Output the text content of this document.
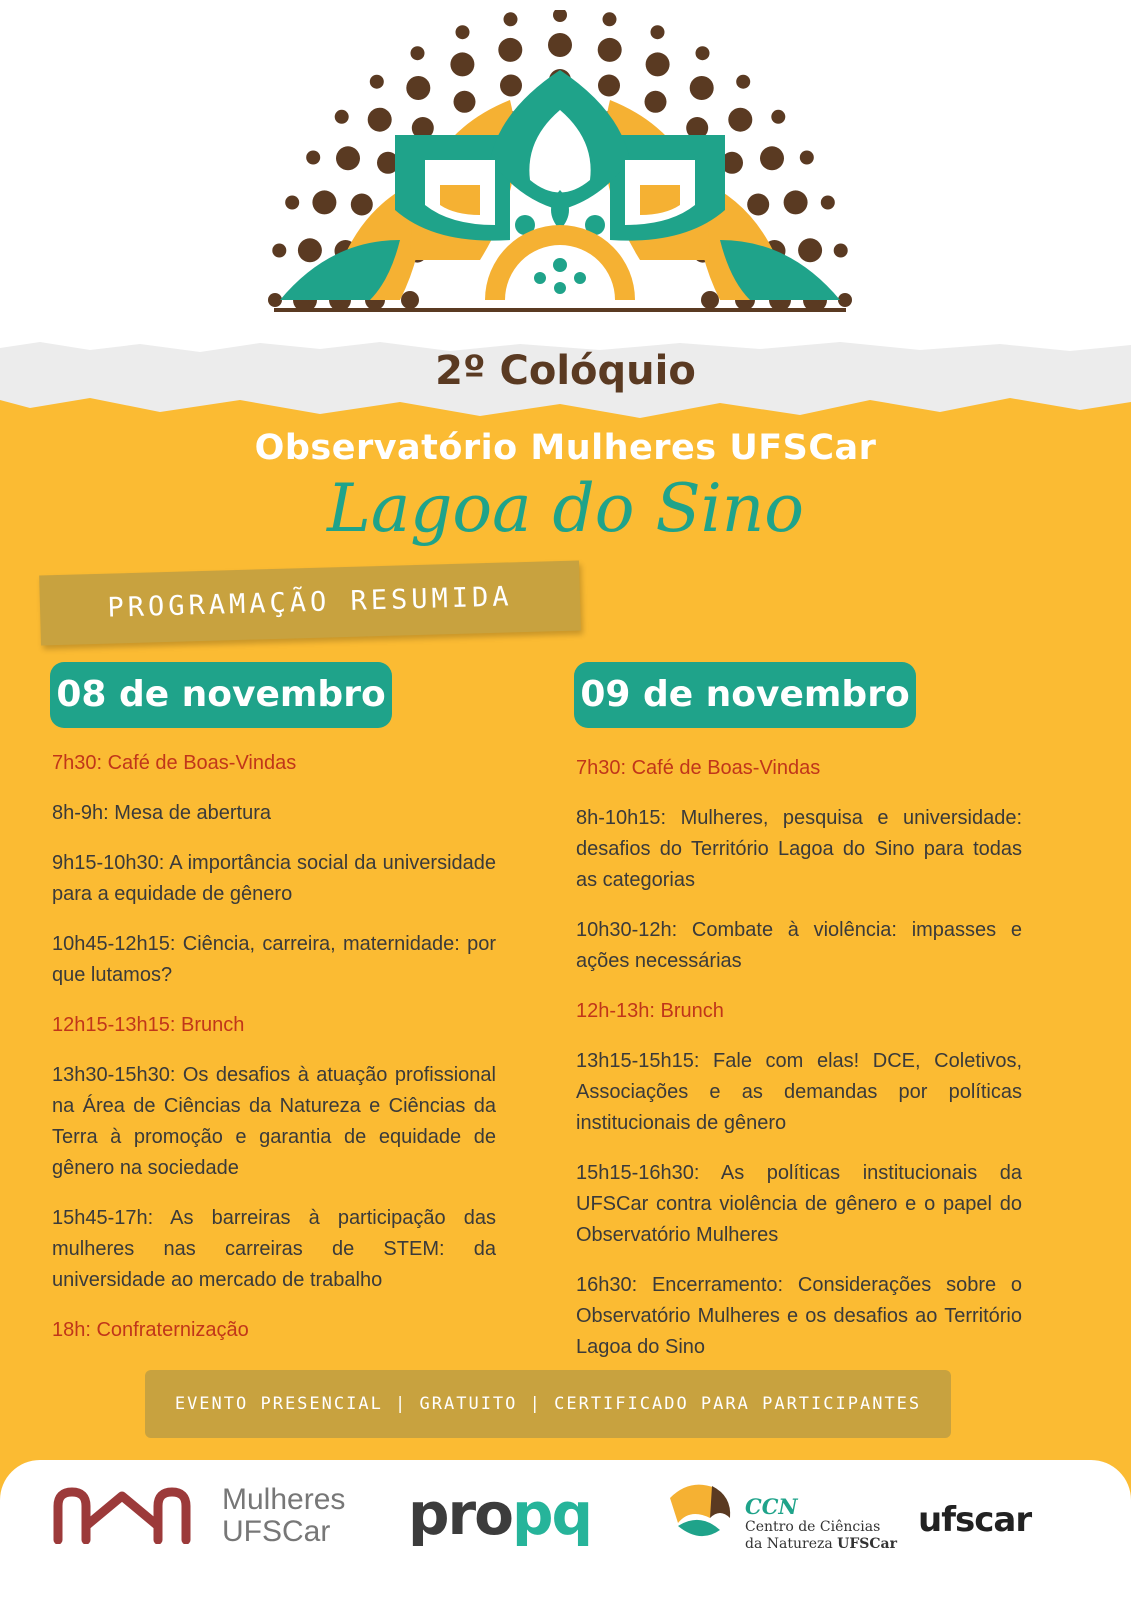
2º Colóquio
Observatório Mulheres UFSCar
Lagoa do Sino
PROGRAMAÇÃO RESUMIDA
08 de novembro	09 de novembro
7h30: Café de Boas-Vindas
8h-9h: Mesa de abertura
9h15-10h30: A importância social da universidade para a equidade de gênero
10h45-12h15: Ciência, carreira, maternidade: por que lutamos?
12h15-13h15: Brunch
13h30-15h30: Os desafios à atuação profissional na Área de Ciências da Natureza e Ciências da Terra à promoção e garantia de equidade de gênero na sociedade
15h45-17h: As barreiras à participação das mulheres nas carreiras de STEM: da universidade ao mercado de trabalho
18h: Confraternização
7h30: Café de Boas-Vindas
8h-10h15: Mulheres, pesquisa e universidade: desafios do Território Lagoa do Sino para todas as categorias
10h30-12h: Combate à violência: impasses e ações necessárias
12h-13h: Brunch
13h15-15h15: Fale com elas! DCE, Coletivos, Associações e as demandas por políticas institucionais de gênero
15h15-16h30: As políticas institucionais da UFSCar contra violência de gênero e o papel do Observatório Mulheres
16h30: Encerramento: Considerações sobre o Observatório Mulheres e os desafios ao Território Lagoa do Sino
EVENTO PRESENCIAL | GRATUITO | CERTIFICADO PARA PARTICIPANTES
Mulheres
UFSCar propq	CCN
Centro de Ciências
da Natureza UFSCar
ufscar
